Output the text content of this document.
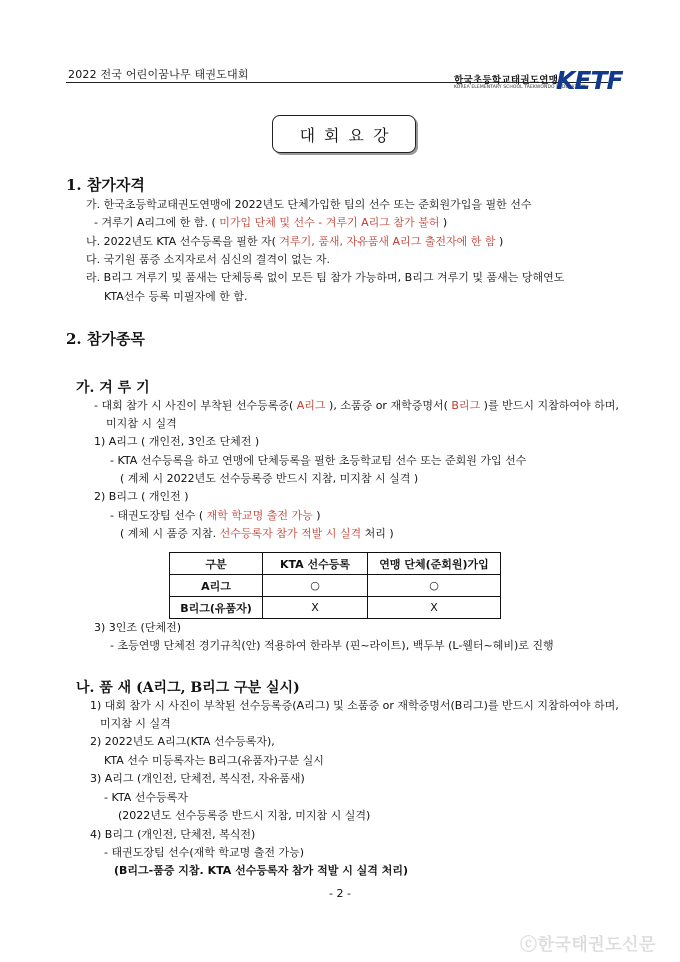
2022 전국 어린이꿈나무 태권도대회	한국초등학교태권도연맹
KOREA ELEMENTARY SCHOOL TAEKWONDO FEDERATION
KETF
대회요강
1. 참가자격
가. 한국초등학교태권도연맹에 2022년도 단체가입한 팀의 선수 또는 준회원가입을 필한 선수
- 겨루기 A리그에 한 함. ( 미가입 단체 및 선수 - 겨루기 A리그 참가 불허 )
나. 2022년도 KTA 선수등록을 필한 자( 겨루기, 품새, 자유품새 A리그 출전자에 한 함 )
다. 국기원 품증 소지자로서 심신의 결격이 없는 자.
라. B리그 겨루기 및 품새는 단체등록 없이 모든 팀 참가 가능하며, B리그 겨루기 및 품새는 당해연도
KTA선수 등록 미필자에 한 함.
2. 참가종목
가. 겨 루 기
- 대회 참가 시 사진이 부착된 선수등록증( A리그 ), 소품증 or 재학증명서( B리그 )를 반드시 지참하여야 하며,
미지참 시 실격
1) A리그 ( 개인전, 3인조 단체전 )
- KTA 선수등록을 하고 연맹에 단체등록을 필한 초등학교팀 선수 또는 준회원 가입 선수
( 계체 시 2022년도 선수등록증 반드시 지참, 미지참 시 실격 )
2) B리그 ( 개인전 )
- 태권도장팀 선수 ( 재학 학교명 출전 가능 )
( 계체 시 품증 지참. 선수등록자 참가 적발 시 실격 처리 )
구분	KTA 선수등록	연맹 단체(준회원)가입
A리그	○	○
B리그(유품자)	X	X
3) 3인조 (단체전)
- 초등연맹 단체전 경기규칙(안) 적용하여 한라부 (핀~라이트), 백두부 (L-웰터~헤비)로 진행
나. 품 새 (A리그, B리그 구분 실시)
1) 대회 참가 시 사진이 부착된 선수등록증(A리그) 및 소품증 or 재학증명서(B리그)를 반드시 지참하여야 하며,
미지참 시 실격
2) 2022년도 A리그(KTA 선수등록자),
KTA 선수 미등록자는 B리그(유품자)구분 실시
3) A리그 (개인전, 단체전, 복식전, 자유품새)
- KTA 선수등록자
(2022년도 선수등록증 반드시 지참, 미지참 시 실격)
4) B리그 (개인전, 단체전, 복식전)
- 태권도장팀 선수(재학 학교명 출전 가능)
(B리그-품증 지참. KTA 선수등록자 참가 적발 시 실격 처리)
- 2 -
ⓒ한국태권도신문
